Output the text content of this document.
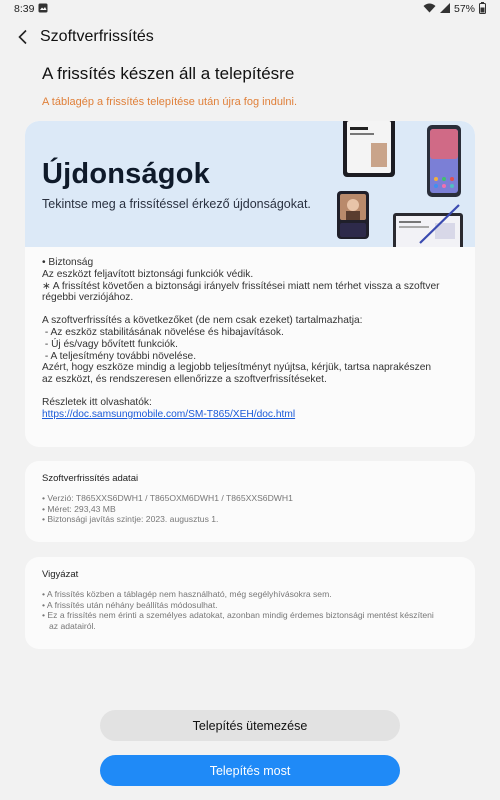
8:39	57%
Szoftverfrissítés
A frissítés készen áll a telepítésre
A táblagép a frissítés telepítése után újra fog indulni.
Újdonságok
Tekintse meg a frissítéssel érkező újdonságokat.

• Biztonság

Az eszközt feljavított biztonsági funkciók védik.

∗ A frissítést követően a biztonsági irányelv frissítései miatt nem térhet vissza a szoftver

régebbi verziójához.

A szoftverfrissítés a következőket (de nem csak ezeket) tartalmazhatja:

- Az eszköz stabilitásának növelése és hibajavítások.

- Új és/vagy bővített funkciók.

- A teljesítmény további növelése.

Azért, hogy eszköze mindig a legjobb teljesítményt nyújtsa, kérjük, tartsa naprakészen

az eszközt, és rendszeresen ellenőrizze a szoftverfrissítéseket.

Részletek itt olvashatók:

https://doc.samsungmobile.com/SM-T865/XEH/doc.html

Szoftverfrissítés adatai
• Verzió: T865XXS6DWH1 / T865OXM6DWH1 / T865XXS6DWH1
• Méret: 293,43 MB
• Biztonsági javítás szintje: 2023. augusztus 1.
Vigyázat
• A frissítés közben a táblagép nem használható, még segélyhívásokra sem.
• A frissítés után néhány beállítás módosulhat.
• Ez a frissítés nem érinti a személyes adatokat, azonban mindig érdemes biztonsági mentést készíteni
az adatairól.
Telepítés ütemezése
Telepítés most
